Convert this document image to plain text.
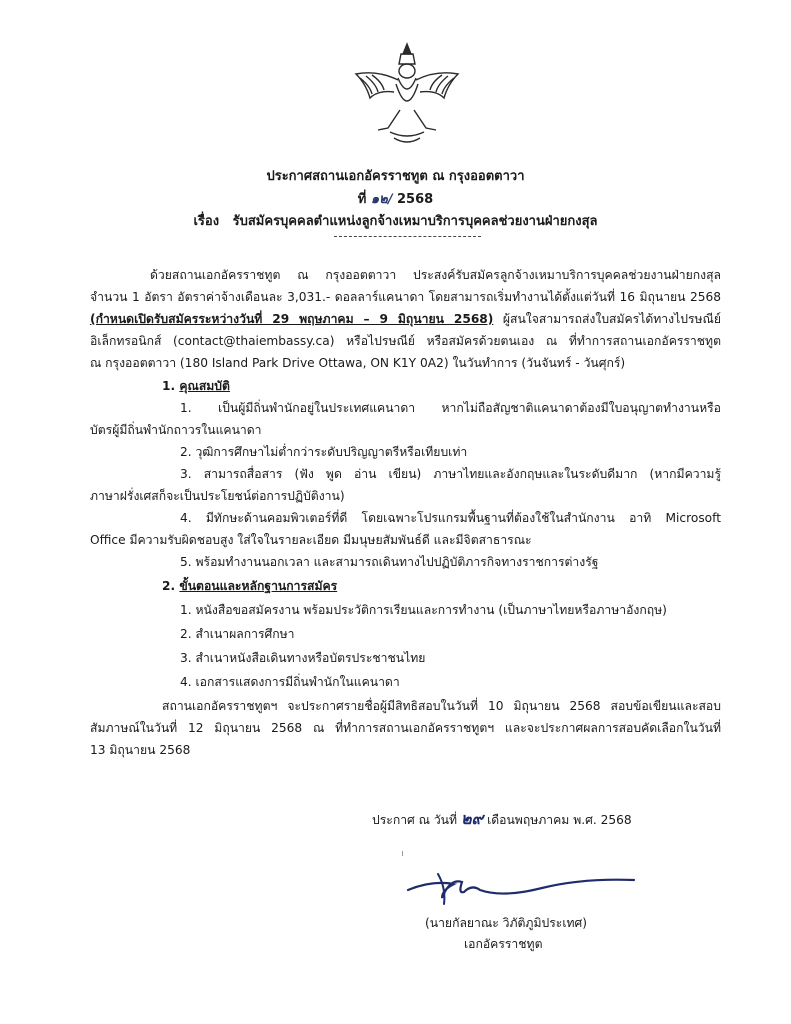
ประกาศสถานเอกอัครราชทูต ณ กรุงออตตาวา
ที่ ๑๒/ 2568
เรื่อง รับสมัครบุคคลตำแหน่งลูกจ้างเหมาบริการบุคคลช่วยงานฝ่ายกงสุล
ด้วยสถานเอกอัครราชทูต ณ กรุงออตตาวา ประสงค์รับสมัครลูกจ้างเหมาบริการบุคคลช่วยงานฝ่ายกงสุล
จำนวน 1 อัตรา อัตราค่าจ้างเดือนละ 3,031.- ดอลลาร์แคนาดา โดยสามารถเริ่มทำงานได้ตั้งแต่วันที่ 16 มิถุนายน 2568
(กำหนดเปิดรับสมัครระหว่างวันที่ 29 พฤษภาคม – 9 มิถุนายน 2568) ผู้สนใจสามารถส่งใบสมัครได้ทางไปรษณีย์
อิเล็กทรอนิกส์ (contact@thaiembassy.ca) หรือไปรษณีย์ หรือสมัครด้วยตนเอง ณ ที่ทำการสถานเอกอัครราชทูต
ณ กรุงออตตาวา (180 Island Park Drive Ottawa, ON K1Y 0A2) ในวันทำการ (วันจันทร์ - วันศุกร์)
1. คุณสมบัติ
1. เป็นผู้มีถิ่นพำนักอยู่ในประเทศแคนาดา หากไม่ถือสัญชาติแคนาดาต้องมีใบอนุญาตทำงานหรือ
บัตรผู้มีถิ่นพำนักถาวรในแคนาดา
2. วุฒิการศึกษาไม่ต่ำกว่าระดับปริญญาตรีหรือเทียบเท่า
3. สามารถสื่อสาร (ฟัง พูด อ่าน เขียน) ภาษาไทยและอังกฤษและในระดับดีมาก (หากมีความรู้
ภาษาฝรั่งเศสก็จะเป็นประโยชน์ต่อการปฏิบัติงาน)
4. มีทักษะด้านคอมพิวเตอร์ที่ดี โดยเฉพาะโปรแกรมพื้นฐานที่ต้องใช้ในสำนักงาน อาทิ Microsoft
Office มีความรับผิดชอบสูง ใส่ใจในรายละเอียด มีมนุษยสัมพันธ์ดี และมีจิตสาธารณะ
5. พร้อมทำงานนอกเวลา และสามารถเดินทางไปปฏิบัติภารกิจทางราชการต่างรัฐ
2. ขั้นตอนและหลักฐานการสมัคร
1. หนังสือขอสมัครงาน พร้อมประวัติการเรียนและการทำงาน (เป็นภาษาไทยหรือภาษาอังกฤษ)
2. สำเนาผลการศึกษา
3. สำเนาหนังสือเดินทางหรือบัตรประชาชนไทย
4. เอกสารแสดงการมีถิ่นพำนักในแคนาดา
สถานเอกอัครราชทูตฯ จะประกาศรายชื่อผู้มีสิทธิสอบในวันที่ 10 มิถุนายน 2568 สอบข้อเขียนและสอบ
สัมภาษณ์ในวันที่ 12 มิถุนายน 2568 ณ ที่ทำการสถานเอกอัครราชทูตฯ และจะประกาศผลการสอบคัดเลือกในวันที่
13 มิถุนายน 2568
ประกาศ ณ วันที่ ๒๙ เดือนพฤษภาคม พ.ศ. 2568
(นายกัลยาณะ วิภัติภูมิประเทศ)
เอกอัครราชทูต
